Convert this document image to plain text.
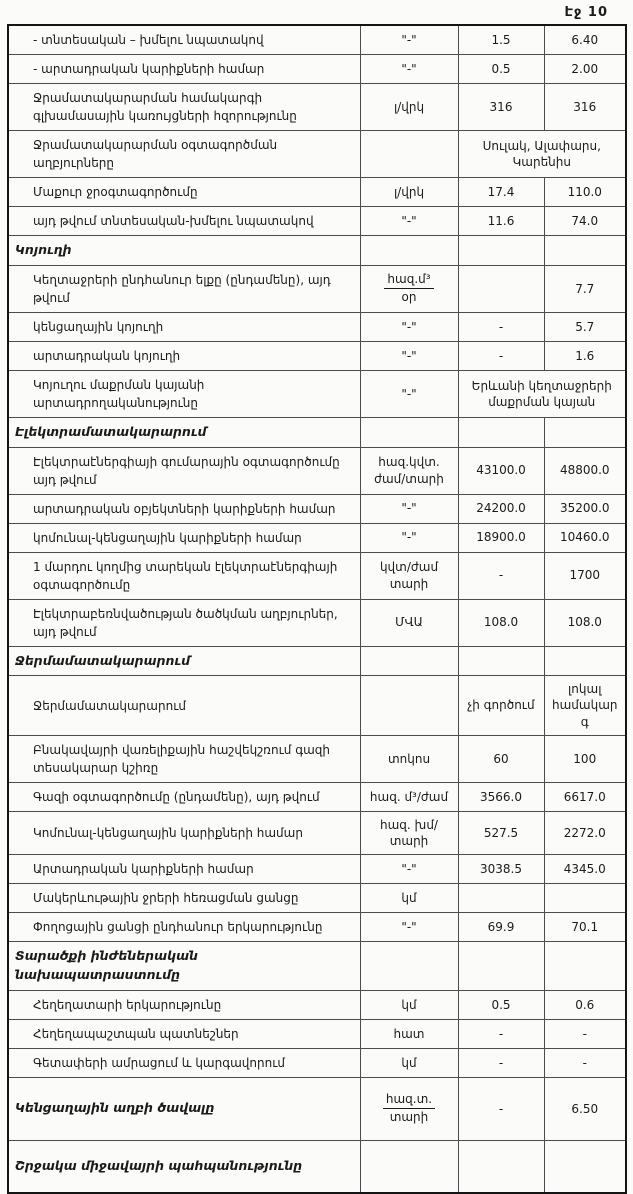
Էջ 10
- տնտեսական – խմելու նպատակով	"-"	1.5	6.40
- արտադրական կարիքների համար	"-"	0.5	2.00
Ջրամատակարարման համակարգի գլխամասային կառույցների հզորությունը	լ/վրկ	316	316
Ջրամատակարարման օգտագործման աղբյուրները		Սուլակ, Ալափարս, Կարենիս	
Մաքուր ջրօգտագործումը	լ/վրկ	17.4	110.0
այդ թվում տնտեսական-խմելու նպատակով	"-"	11.6	74.0
Կոյուղի			
Կեղտաջրերի ընդհանուր ելքը (ընդամենը), այդ թվում	$\frac{\text{հազ.մ³}}{\text{օր}}$		7.7
կենցաղային կոյուղի	"-"	-	5.7
արտադրական կոյուղի	"-"	-	1.6
Կոյուղու մաքրման կայանի արտադրողականությունը	"-"	Երևանի կեղտաջրերի մաքրման կայան	
Էլեկտրամատակարարում			
Էլեկտրաէներգիայի գումարային օգտագործումը այդ թվում	հազ.կվտ. ժամ/տարի	43100.0	48800.0
արտադրական օբյեկտների կարիքների համար	"-"	24200.0	35200.0
կոմունալ-կենցաղային կարիքների համար	"-"	18900.0	10460.0
1 մարդու կողմից տարեկան էլեկտրաէներգիայի օգտագործումը	կվտ/ժամ տարի	-	1700
Էլեկտրաբեռնվածության ծածկման աղբյուրներ, այդ թվում	ՄՎԱ	108.0	108.0
Ջերմամատակարարում			
Ջերմամատակարարում		չի գործում	լոկալ համակարգ
Բնակավայրի վառելիքային հաշվեկշռում գազի տեսակարար կշիռը	տոկոս	60	100
Գազի օգտագործումը (ընդամենը), այդ թվում	հազ. մ³/ժամ	3566.0	6617.0
Կոմունալ-կենցաղային կարիքների համար	հազ. խմ/տարի	527.5	2272.0
Արտադրական կարիքների համար	"-"	3038.5	4345.0
Մակերևութային ջրերի հեռացման ցանցը	կմ		
Փողոցային ցանցի ընդհանուր երկարությունը	"-"	69.9	70.1
Տարածքի ինժեներական նախապատրաստումը			
Հեղեղատարի երկարությունը	կմ	0.5	0.6
Հեղեղապաշտպան պատնեշներ	հատ	-	-
Գետափերի ամրացում և կարգավորում	կմ	-	-
Կենցաղային աղբի ծավալը	$\frac{\text{հազ.տ.}}{\text{տարի}}$	-	6.50
Շրջակա միջավայրի պահպանությունը			
